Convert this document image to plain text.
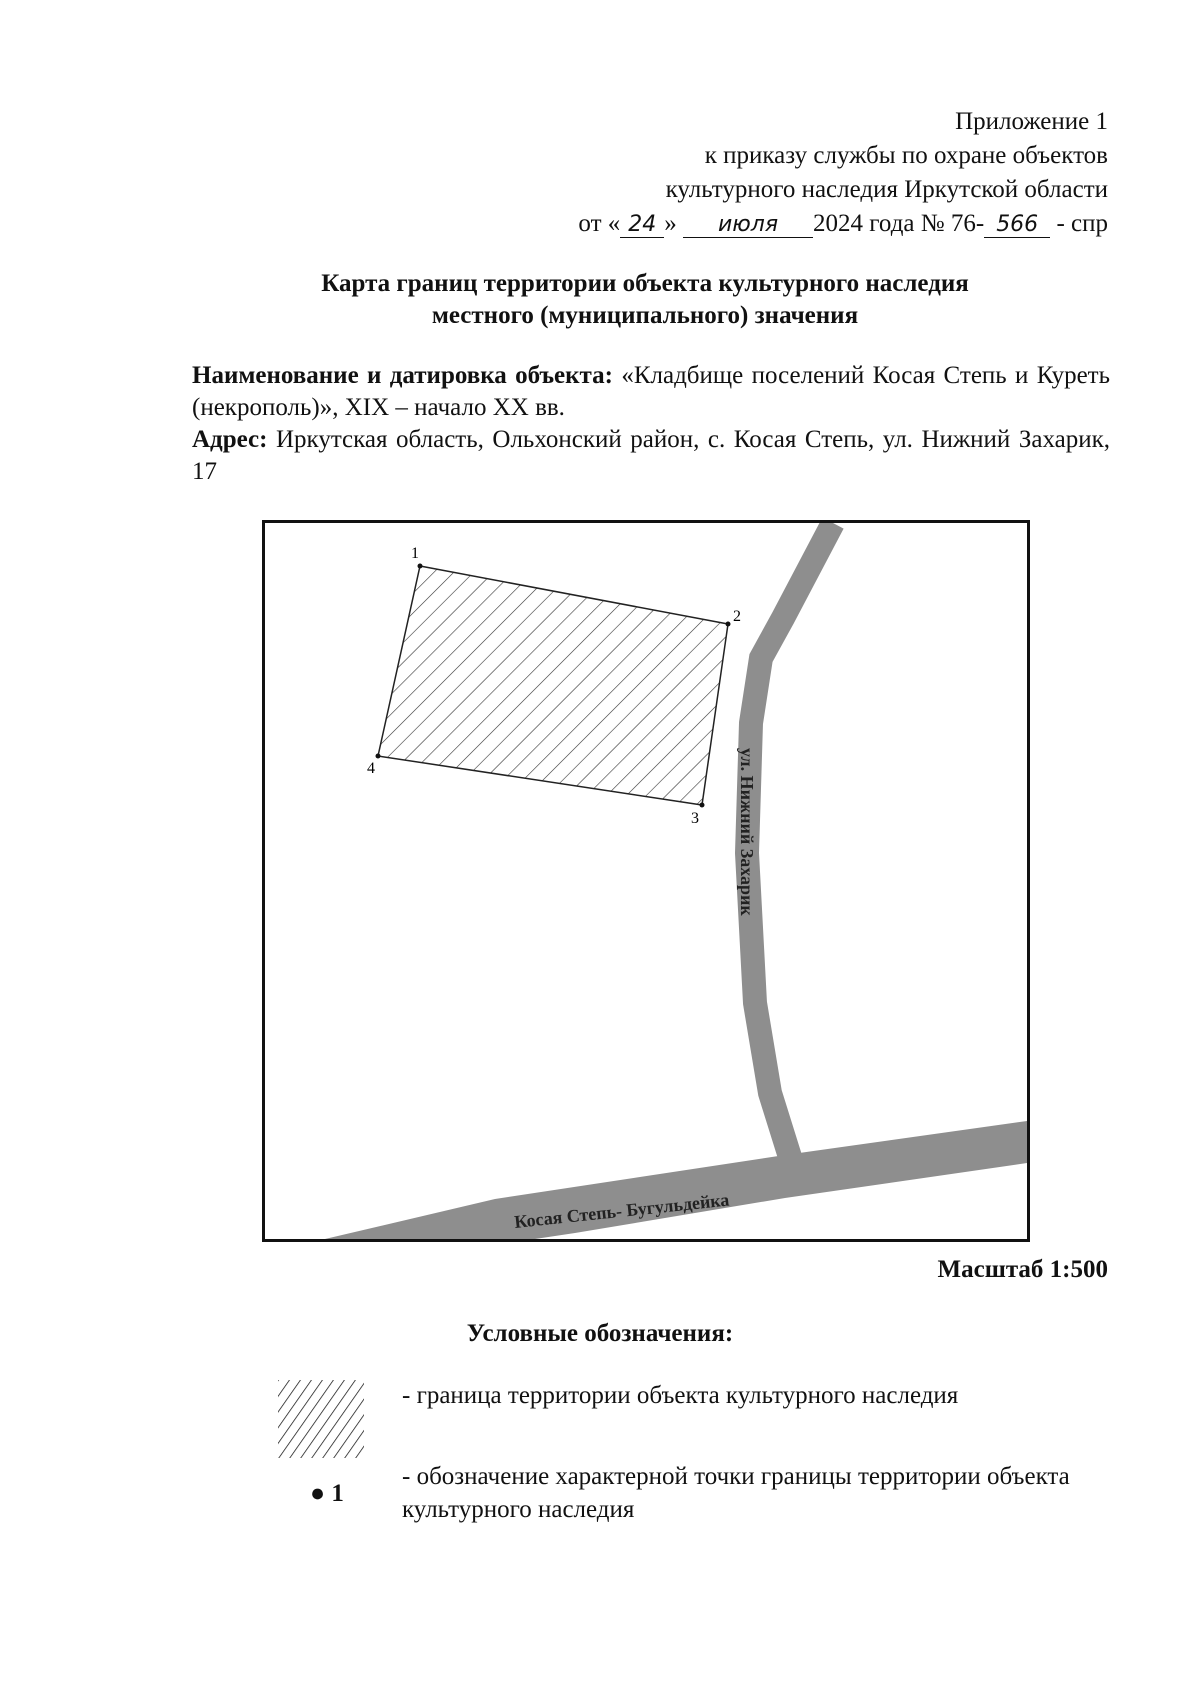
Приложение 1
к приказу службы по охране объектов
культурного наследия Иркутской области
от « 24 » июля 2024 года № 76- 566 - спр
Карта границ территории объекта культурного наследия
местного (муниципального) значения
Наименование и датировка объекта: «Кладбище поселений Косая Степь и Куреть (некрополь)», XIX – начало XX вв.
Адрес: Иркутская область, Ольхонский район, с. Косая Степь, ул. Нижний Захарик, 17
1
2
3
4	ул. Нижний Захарик
Косая Степь- Бугульдейка
Масштаб 1:500
Условные обозначения:
- граница территории объекта культурного наследия
● 1
- обозначение характерной точки границы территории объекта культурного наследия
